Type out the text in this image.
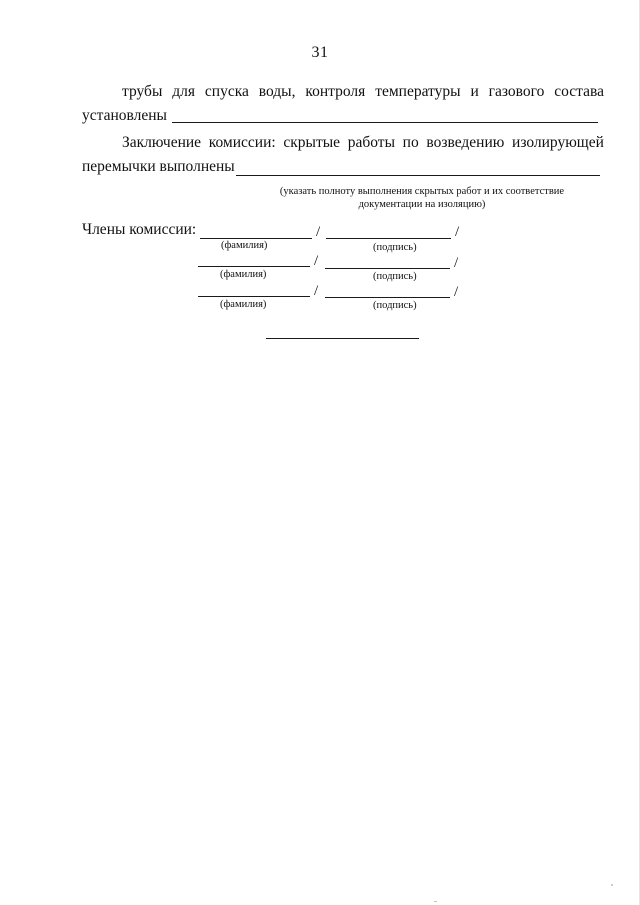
31
трубы для спуска воды, контроля температуры и газового состава
установлены
Заключение комиссии: скрытые работы по возведению изолирующей
перемычки выполнены
(указать полноту выполнения скрытых работ и их соответствие
документации на изоляцию)
Члены комиссии:	/	/
(фамилия)	(подпись)
/	/
(фамилия)	(подпись)
/	/
(фамилия)	(подпись)
